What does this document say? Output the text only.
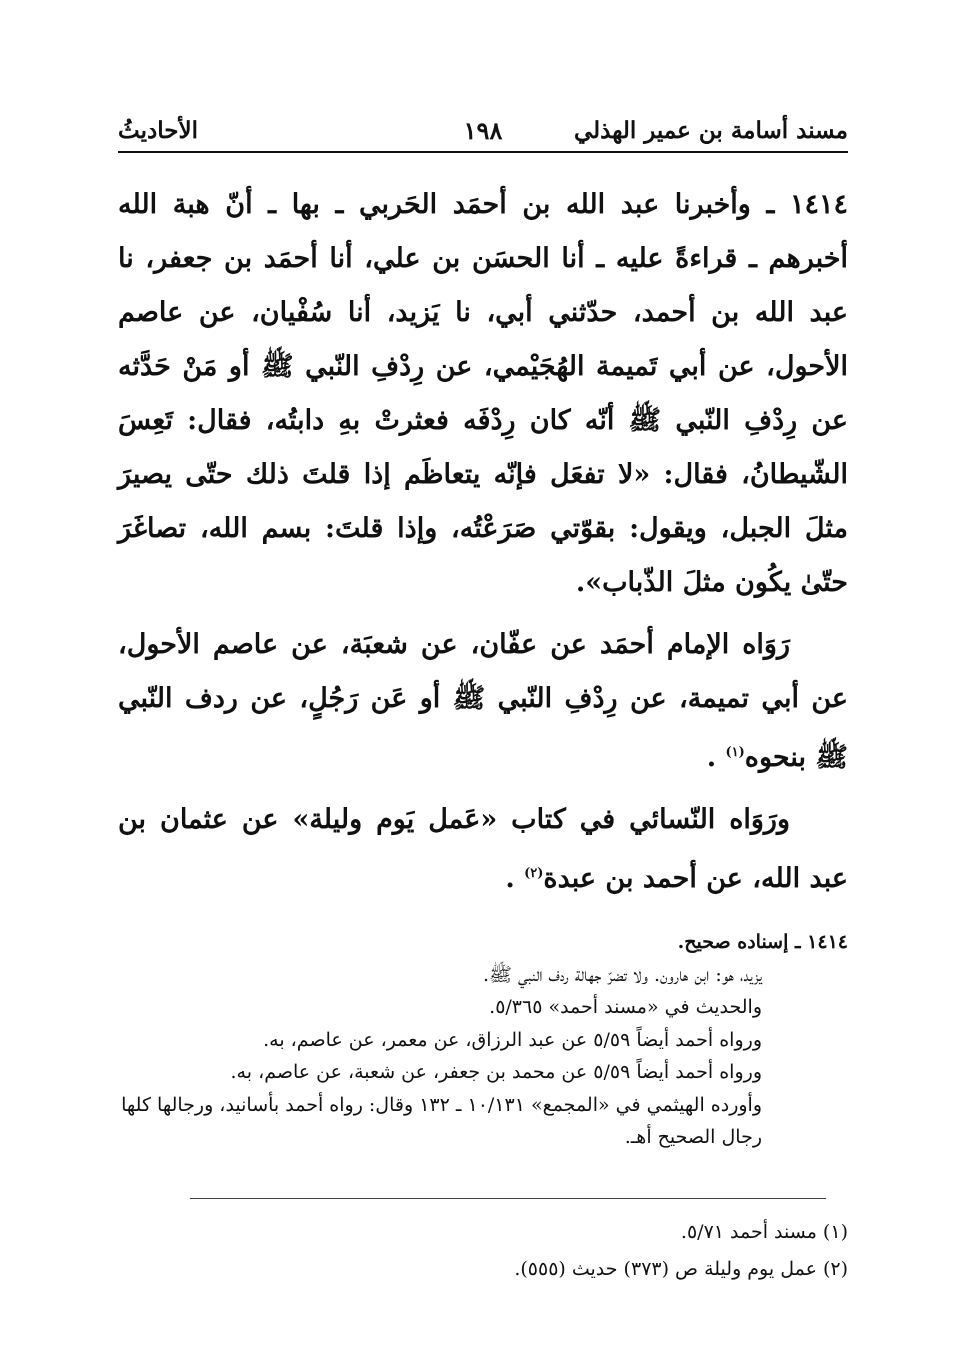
مسند أسامة بن عمير الهذلي
١٩٨
الأحاديثُ

١٤١٤ ـ وأخبرنا عبد الله بن أحمَد الحَربي ـ بها ـ أنّ هبة الله أخبرهم ـ قراءةً عليه ـ أنا الحسَن بن علي، أنا أحمَد بن جعفر، نا عبد الله بن أحمد، حدّثني أبي، نا يَزيد، أنا سُفْيان، عن عاصم الأحول، عن أبي تَميمة الهُجَيْمي، عن رِدْفِ النّبي ﷺ أو مَنْ حَدَّثه عن رِدْفِ النّبي ﷺ أنّه كان رِدْفَه فعثرتْ بهِ دابتُه، فقال: تَعِسَ الشّيطانُ، فقال: «لا تفعَل فإنّه يتعاظَم إذا قلتَ ذلك حتّى يصيرَ مثلَ الجبل، ويقول: بقوّتي صَرَعْتُه، وإذا قلتَ: بسم الله، تصاغَرَ حتّىٰ يكُون مثلَ الذّباب».

رَوَاه الإمام أحمَد عن عفّان، عن شعبَة، عن عاصم الأحول، عن أبي تميمة، عن رِدْفِ النّبي ﷺ أو عَن رَجُلٍ، عن ردف النّبي ﷺ بنحوه$^{(١)}$ .

ورَوَاه النّسائي في كتاب «عَمل يَوم وليلة» عن عثمان بن عبد الله، عن أحمد بن عبدة$^{(٢)}$ .

١٤١٤ ـ إسناده صحيح.

يزيد، هو: ابن هارون. ولا تضرّ جهالة ردف النبي ﷺ.

والحديث في «مسند أحمد» ٥/٣٦٥.

ورواه أحمد أيضاً ٥/٥٩ عن عبد الرزاق، عن معمر، عن عاصم، به.

ورواه أحمد أيضاً ٥/٥٩ عن محمد بن جعفر، عن شعبة، عن عاصم، به.

وأورده الهيثمي في «المجمع» ١٠/١٣١ ـ ١٣٢ وقال: رواه أحمد بأسانيد، ورجالها كلها رجال الصحيح أهـ.

(١) مسند أحمد ٥/٧١.

(٢) عمل يوم وليلة ص (٣٧٣) حديث (٥٥٥).
